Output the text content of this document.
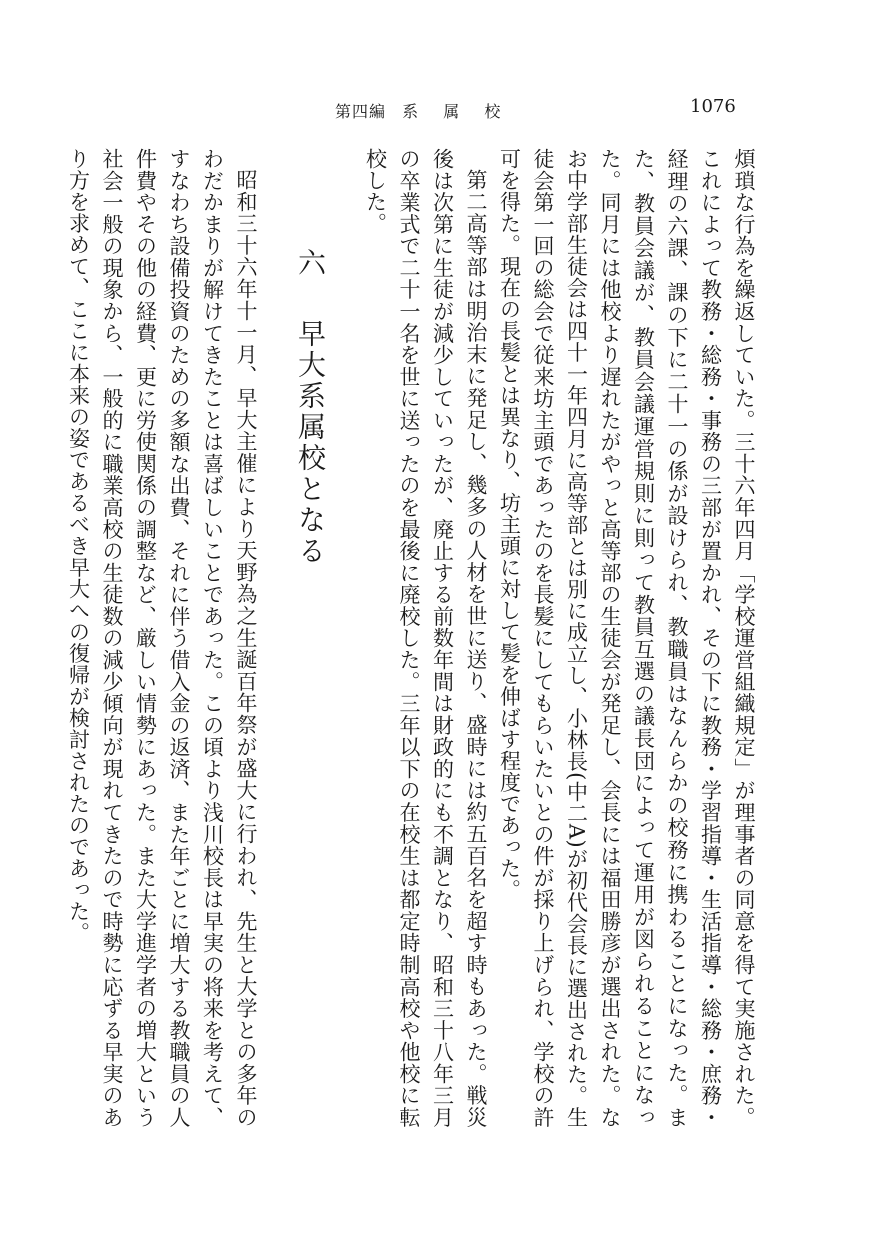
第四編 系 属 校	1076

煩瑣な行為を繰返していた。三十六年四月「学校運営組織規定」が理事者の同意を得て実施された。これによって教務・総務・事務の三部が置かれ、その下に教務・学習指導・生活指導・総務・庶務・経理の六課、課の下に二十一の係が設けられ、教職員はなんらかの校務に携わることになった。また、教員会議が、教員会議運営規則に則って教員互選の議長団によって運用が図られることになった。同月には他校より遅れたがやっと高等部の生徒会が発足し、会長には福田勝彦が選出された。なお中学部生徒会は四十一年四月に高等部とは別に成立し、小林長(中二A)が初代会長に選出された。生徒会第一回の総会で従来坊主頭であったのを長髪にしてもらいたいとの件が採り上げられ、学校の許可を得た。現在の長髪とは異なり、坊主頭に対して髪を伸ばす程度であった。

第二高等部は明治末に発足し、幾多の人材を世に送り、盛時には約五百名を超す時もあった。戦災後は次第に生徒が減少していったが、廃止する前数年間は財政的にも不調となり、昭和三十八年三月の卒業式で二十一名を世に送ったのを最後に廃校した。三年以下の在校生は都定時制高校や他校に転校した。

六 早大系属校となる

昭和三十六年十一月、早大主催により天野為之生誕百年祭が盛大に行われ、先生と大学との多年のわだかまりが解けてきたことは喜ばしいことであった。この頃より浅川校長は早実の将来を考えて、すなわち設備投資のための多額な出費、それに伴う借入金の返済、また年ごとに増大する教職員の人件費やその他の経費、更に労使関係の調整など、厳しい情勢にあった。また大学進学者の増大という社会一般の現象から、一般的に職業高校の生徒数の減少傾向が現れてきたので時勢に応ずる早実のあり方を求めて、ここに本来の姿であるべき早大への復帰が検討されたのであった。
